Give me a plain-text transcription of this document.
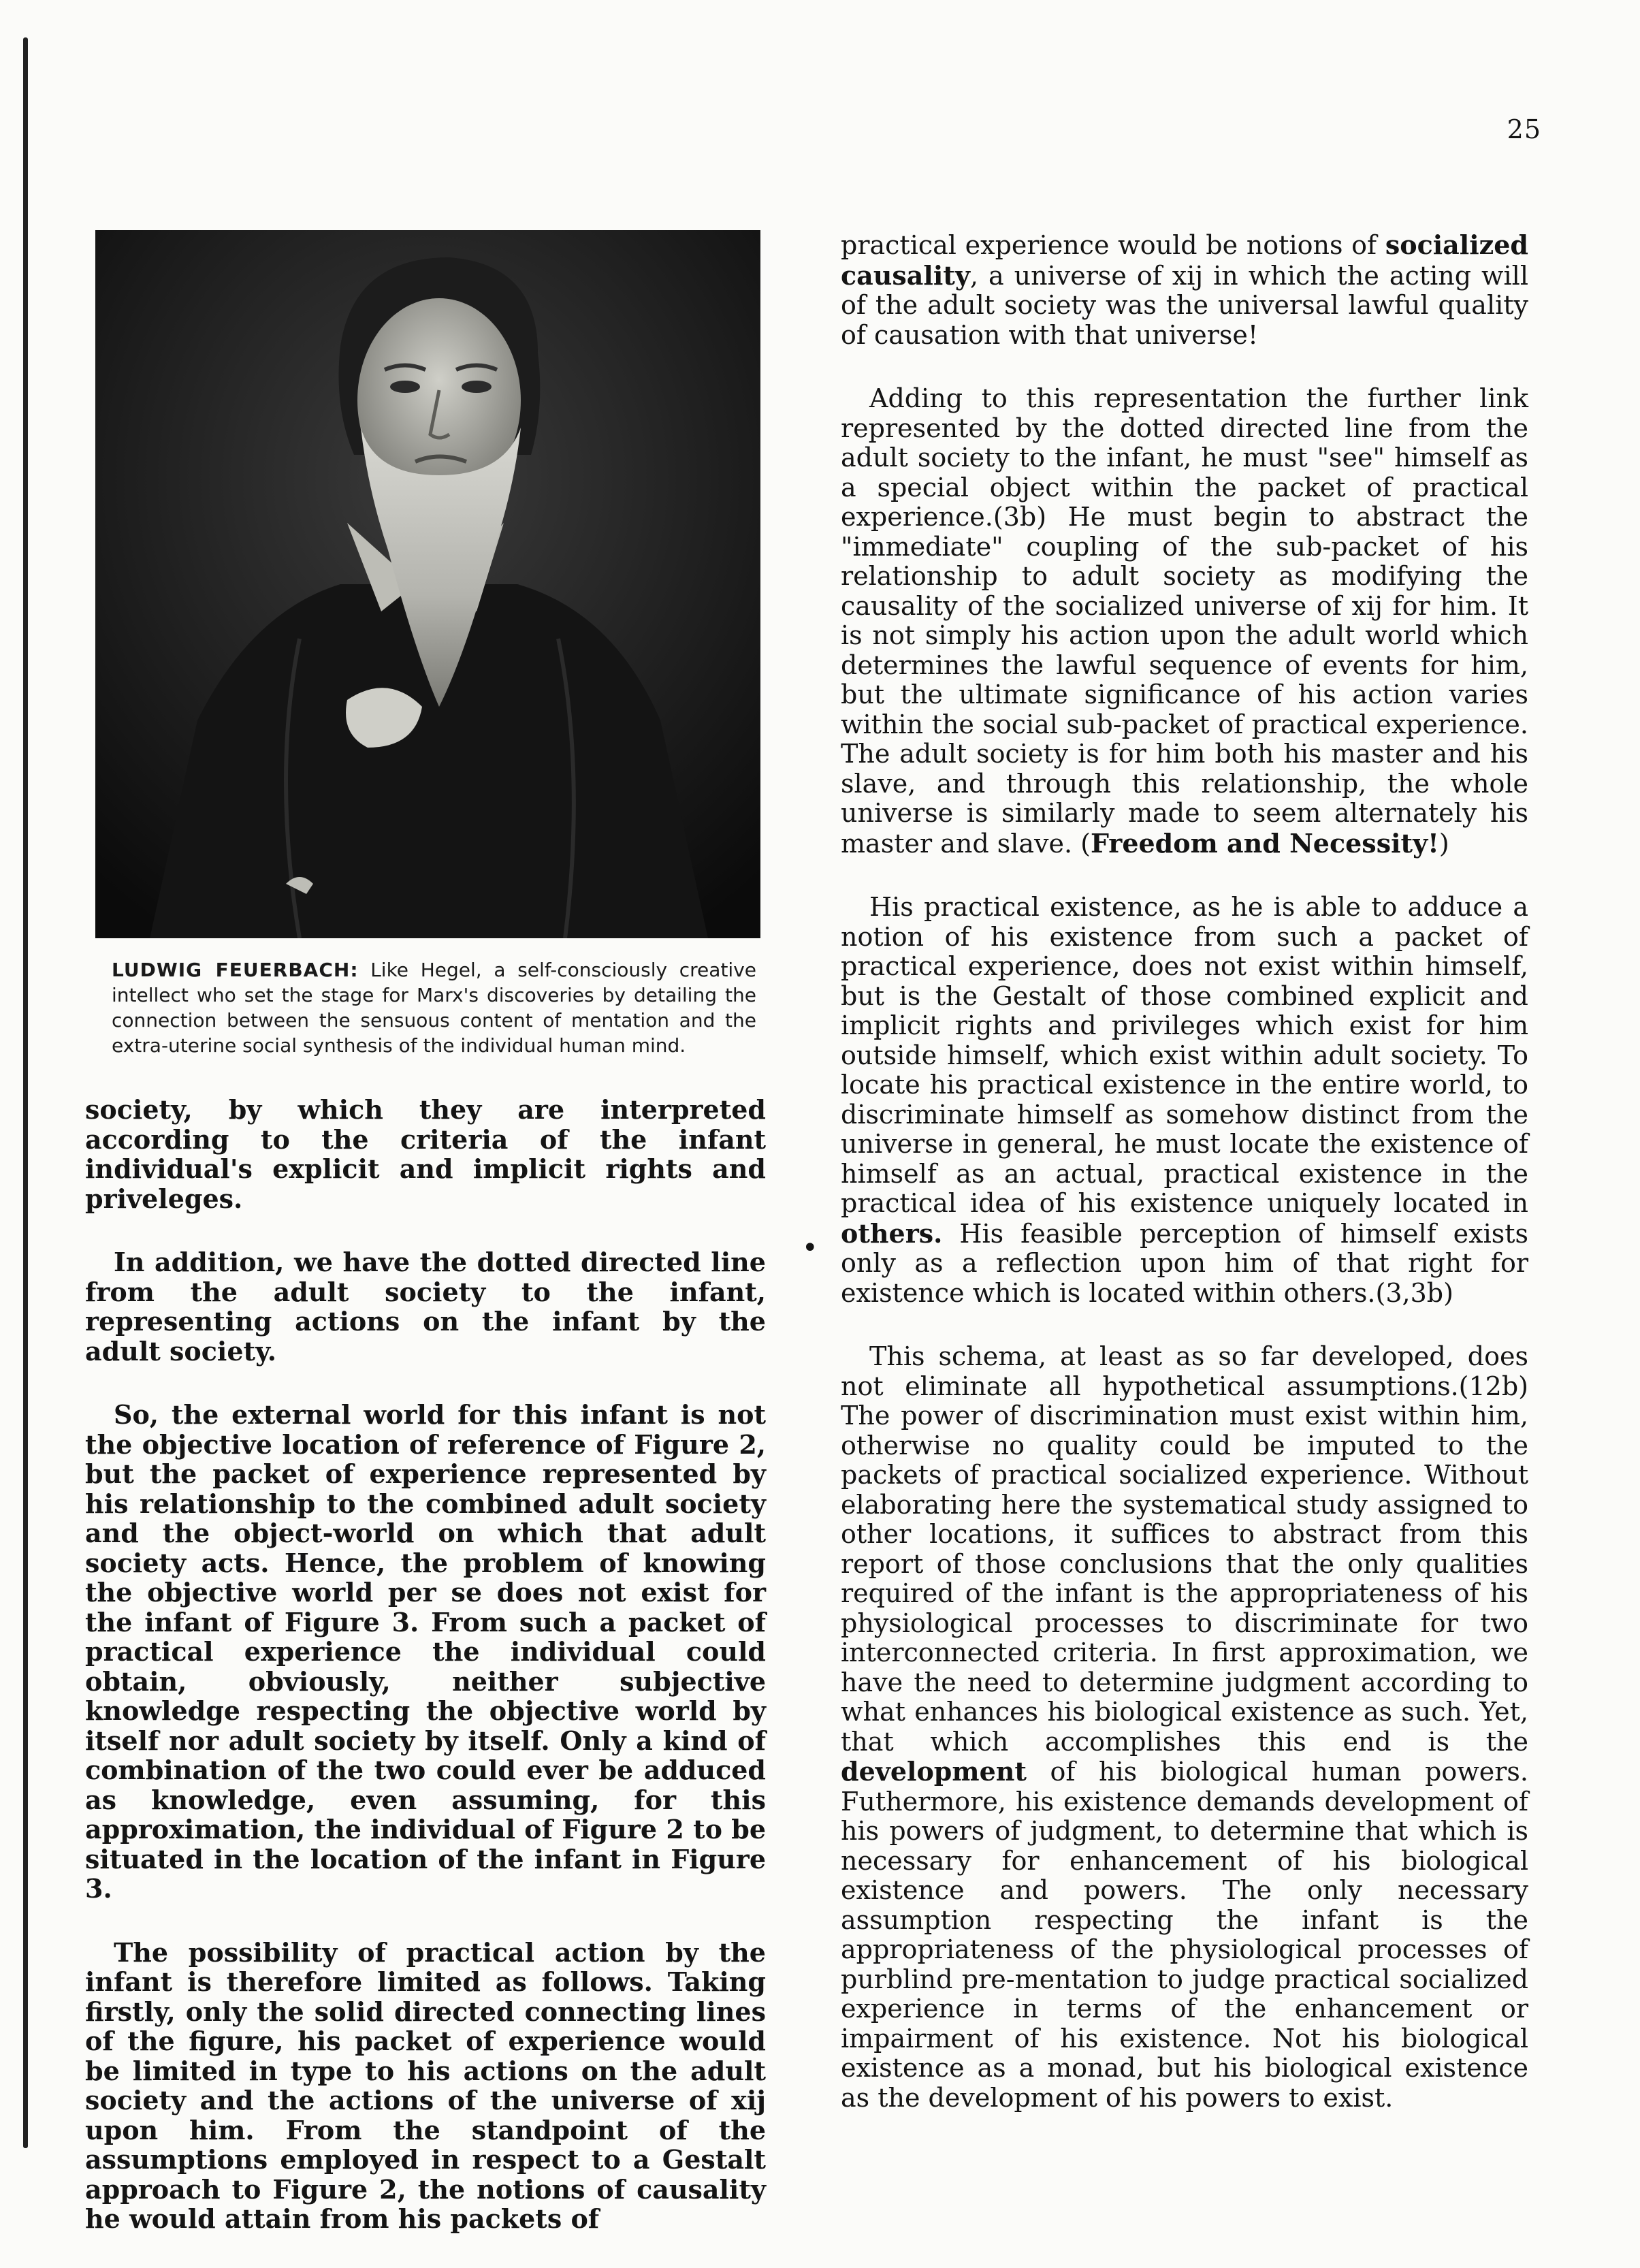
25
LUDWIG FEUERBACH: Like Hegel, a self-consciously creative intellect who set the stage for Marx's discoveries by detailing the connection between the sensuous content of mentation and the extra-uterine social synthesis of the individual human mind.

society, by which they are interpreted according to the criteria of the infant individual's explicit and implicit rights and priveleges.

In addition, we have the dotted directed line from the adult society to the infant, representing actions on the infant by the adult society.

So, the external world for this infant is not the objective location of reference of Figure 2, but the packet of experience represented by his relationship to the combined adult society and the object-world on which that adult society acts. Hence, the problem of knowing the objective world per se does not exist for the infant of Figure 3. From such a packet of practical experience the individual could obtain, obviously, neither subjective knowledge respecting the objective world by itself nor adult society by itself. Only a kind of combination of the two could ever be adduced as knowledge, even assuming, for this approximation, the individual of Figure 2 to be situated in the location of the infant in Figure 3.

The possibility of practical action by the infant is therefore limited as follows. Taking firstly, only the solid directed connecting lines of the figure, his packet of experience would be limited in type to his actions on the adult society and the actions of the universe of xij upon him. From the standpoint of the assumptions employed in respect to a Gestalt approach to Figure 2, the notions of causality he would attain from his packets of

•

practical experience would be notions of socialized causality, a universe of xij in which the acting will of the adult society was the universal lawful quality of causation with that universe!

Adding to this representation the further link represented by the dotted directed line from the adult society to the infant, he must "see" himself as a special object within the packet of practical experience.(3b) He must begin to abstract the "immediate" coupling of the sub-packet of his relationship to adult society as modifying the causality of the socialized universe of xij for him. It is not simply his action upon the adult world which determines the lawful sequence of events for him, but the ultimate significance of his action varies within the social sub-packet of practical experience. The adult society is for him both his master and his slave, and through this relationship, the whole universe is similarly made to seem alternately his master and slave. (Freedom and Necessity!)

His practical existence, as he is able to adduce a notion of his existence from such a packet of practical experience, does not exist within himself, but is the Gestalt of those combined explicit and implicit rights and privileges which exist for him outside himself, which exist within adult society. To locate his practical existence in the entire world, to discriminate himself as somehow distinct from the universe in general, he must locate the existence of himself as an actual, practical existence in the practical idea of his existence uniquely located in others. His feasible perception of himself exists only as a reflection upon him of that right for existence which is located within others.(3,3b)

This schema, at least as so far developed, does not eliminate all hypothetical assumptions.(12b) The power of discrimination must exist within him, otherwise no quality could be imputed to the packets of practical socialized experience. Without elaborating here the systematical study assigned to other locations, it suffices to abstract from this report of those conclusions that the only qualities required of the infant is the appropriateness of his physiological processes to discriminate for two interconnected criteria. In first approximation, we have the need to determine judgment according to what enhances his biological existence as such. Yet, that which accomplishes this end is the development of his biological human powers. Futhermore, his existence demands development of his powers of judgment, to determine that which is necessary for enhancement of his biological existence and powers. The only necessary assumption respecting the infant is the appropriateness of the physiological processes of purblind pre-mentation to judge practical socialized experience in terms of the enhancement or impairment of his existence. Not his biological existence as a monad, but his biological existence as the development of his powers to exist.
